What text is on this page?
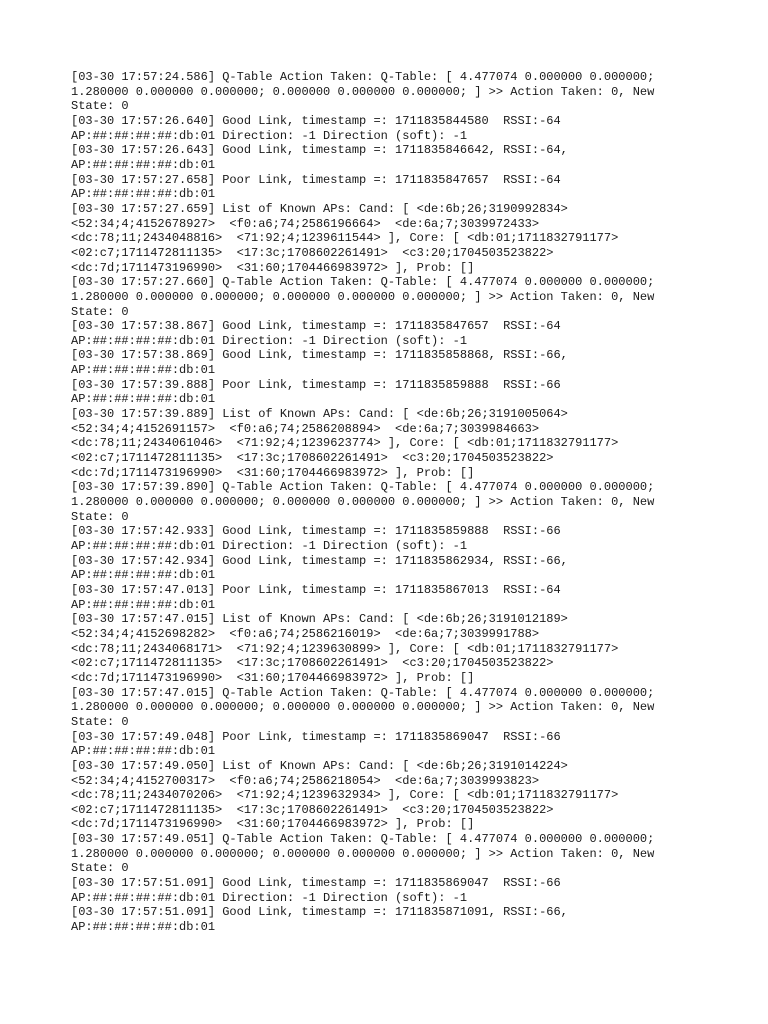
[03-30 17:57:24.586] Q-Table Action Taken: Q-Table: [ 4.477074 0.000000 0.000000;
1.280000 0.000000 0.000000; 0.000000 0.000000 0.000000; ] >> Action Taken: 0, New
State: 0
[03-30 17:57:26.640] Good Link, timestamp =: 1711835844580  RSSI:-64
AP:##:##:##:##:db:01 Direction: -1 Direction (soft): -1
[03-30 17:57:26.643] Good Link, timestamp =: 1711835846642, RSSI:-64,
AP:##:##:##:##:db:01
[03-30 17:57:27.658] Poor Link, timestamp =: 1711835847657  RSSI:-64
AP:##:##:##:##:db:01
[03-30 17:57:27.659] List of Known APs: Cand: [ <de:6b;26;3190992834>
<52:34;4;4152678927>  <f0:a6;74;2586196664>  <de:6a;7;3039972433>
<dc:78;11;2434048816>  <71:92;4;1239611544> ], Core: [ <db:01;1711832791177>
<02:c7;1711472811135>  <17:3c;1708602261491>  <c3:20;1704503523822>
<dc:7d;1711473196990>  <31:60;1704466983972> ], Prob: []
[03-30 17:57:27.660] Q-Table Action Taken: Q-Table: [ 4.477074 0.000000 0.000000;
1.280000 0.000000 0.000000; 0.000000 0.000000 0.000000; ] >> Action Taken: 0, New
State: 0
[03-30 17:57:38.867] Good Link, timestamp =: 1711835847657  RSSI:-64
AP:##:##:##:##:db:01 Direction: -1 Direction (soft): -1
[03-30 17:57:38.869] Good Link, timestamp =: 1711835858868, RSSI:-66,
AP:##:##:##:##:db:01
[03-30 17:57:39.888] Poor Link, timestamp =: 1711835859888  RSSI:-66
AP:##:##:##:##:db:01
[03-30 17:57:39.889] List of Known APs: Cand: [ <de:6b;26;3191005064>
<52:34;4;4152691157>  <f0:a6;74;2586208894>  <de:6a;7;3039984663>
<dc:78;11;2434061046>  <71:92;4;1239623774> ], Core: [ <db:01;1711832791177>
<02:c7;1711472811135>  <17:3c;1708602261491>  <c3:20;1704503523822>
<dc:7d;1711473196990>  <31:60;1704466983972> ], Prob: []
[03-30 17:57:39.890] Q-Table Action Taken: Q-Table: [ 4.477074 0.000000 0.000000;
1.280000 0.000000 0.000000; 0.000000 0.000000 0.000000; ] >> Action Taken: 0, New
State: 0
[03-30 17:57:42.933] Good Link, timestamp =: 1711835859888  RSSI:-66
AP:##:##:##:##:db:01 Direction: -1 Direction (soft): -1
[03-30 17:57:42.934] Good Link, timestamp =: 1711835862934, RSSI:-66,
AP:##:##:##:##:db:01
[03-30 17:57:47.013] Poor Link, timestamp =: 1711835867013  RSSI:-64
AP:##:##:##:##:db:01
[03-30 17:57:47.015] List of Known APs: Cand: [ <de:6b;26;3191012189>
<52:34;4;4152698282>  <f0:a6;74;2586216019>  <de:6a;7;3039991788>
<dc:78;11;2434068171>  <71:92;4;1239630899> ], Core: [ <db:01;1711832791177>
<02:c7;1711472811135>  <17:3c;1708602261491>  <c3:20;1704503523822>
<dc:7d;1711473196990>  <31:60;1704466983972> ], Prob: []
[03-30 17:57:47.015] Q-Table Action Taken: Q-Table: [ 4.477074 0.000000 0.000000;
1.280000 0.000000 0.000000; 0.000000 0.000000 0.000000; ] >> Action Taken: 0, New
State: 0
[03-30 17:57:49.048] Poor Link, timestamp =: 1711835869047  RSSI:-66
AP:##:##:##:##:db:01
[03-30 17:57:49.050] List of Known APs: Cand: [ <de:6b;26;3191014224>
<52:34;4;4152700317>  <f0:a6;74;2586218054>  <de:6a;7;3039993823>
<dc:78;11;2434070206>  <71:92;4;1239632934> ], Core: [ <db:01;1711832791177>
<02:c7;1711472811135>  <17:3c;1708602261491>  <c3:20;1704503523822>
<dc:7d;1711473196990>  <31:60;1704466983972> ], Prob: []
[03-30 17:57:49.051] Q-Table Action Taken: Q-Table: [ 4.477074 0.000000 0.000000;
1.280000 0.000000 0.000000; 0.000000 0.000000 0.000000; ] >> Action Taken: 0, New
State: 0
[03-30 17:57:51.091] Good Link, timestamp =: 1711835869047  RSSI:-66
AP:##:##:##:##:db:01 Direction: -1 Direction (soft): -1
[03-30 17:57:51.091] Good Link, timestamp =: 1711835871091, RSSI:-66,
AP:##:##:##:##:db:01
